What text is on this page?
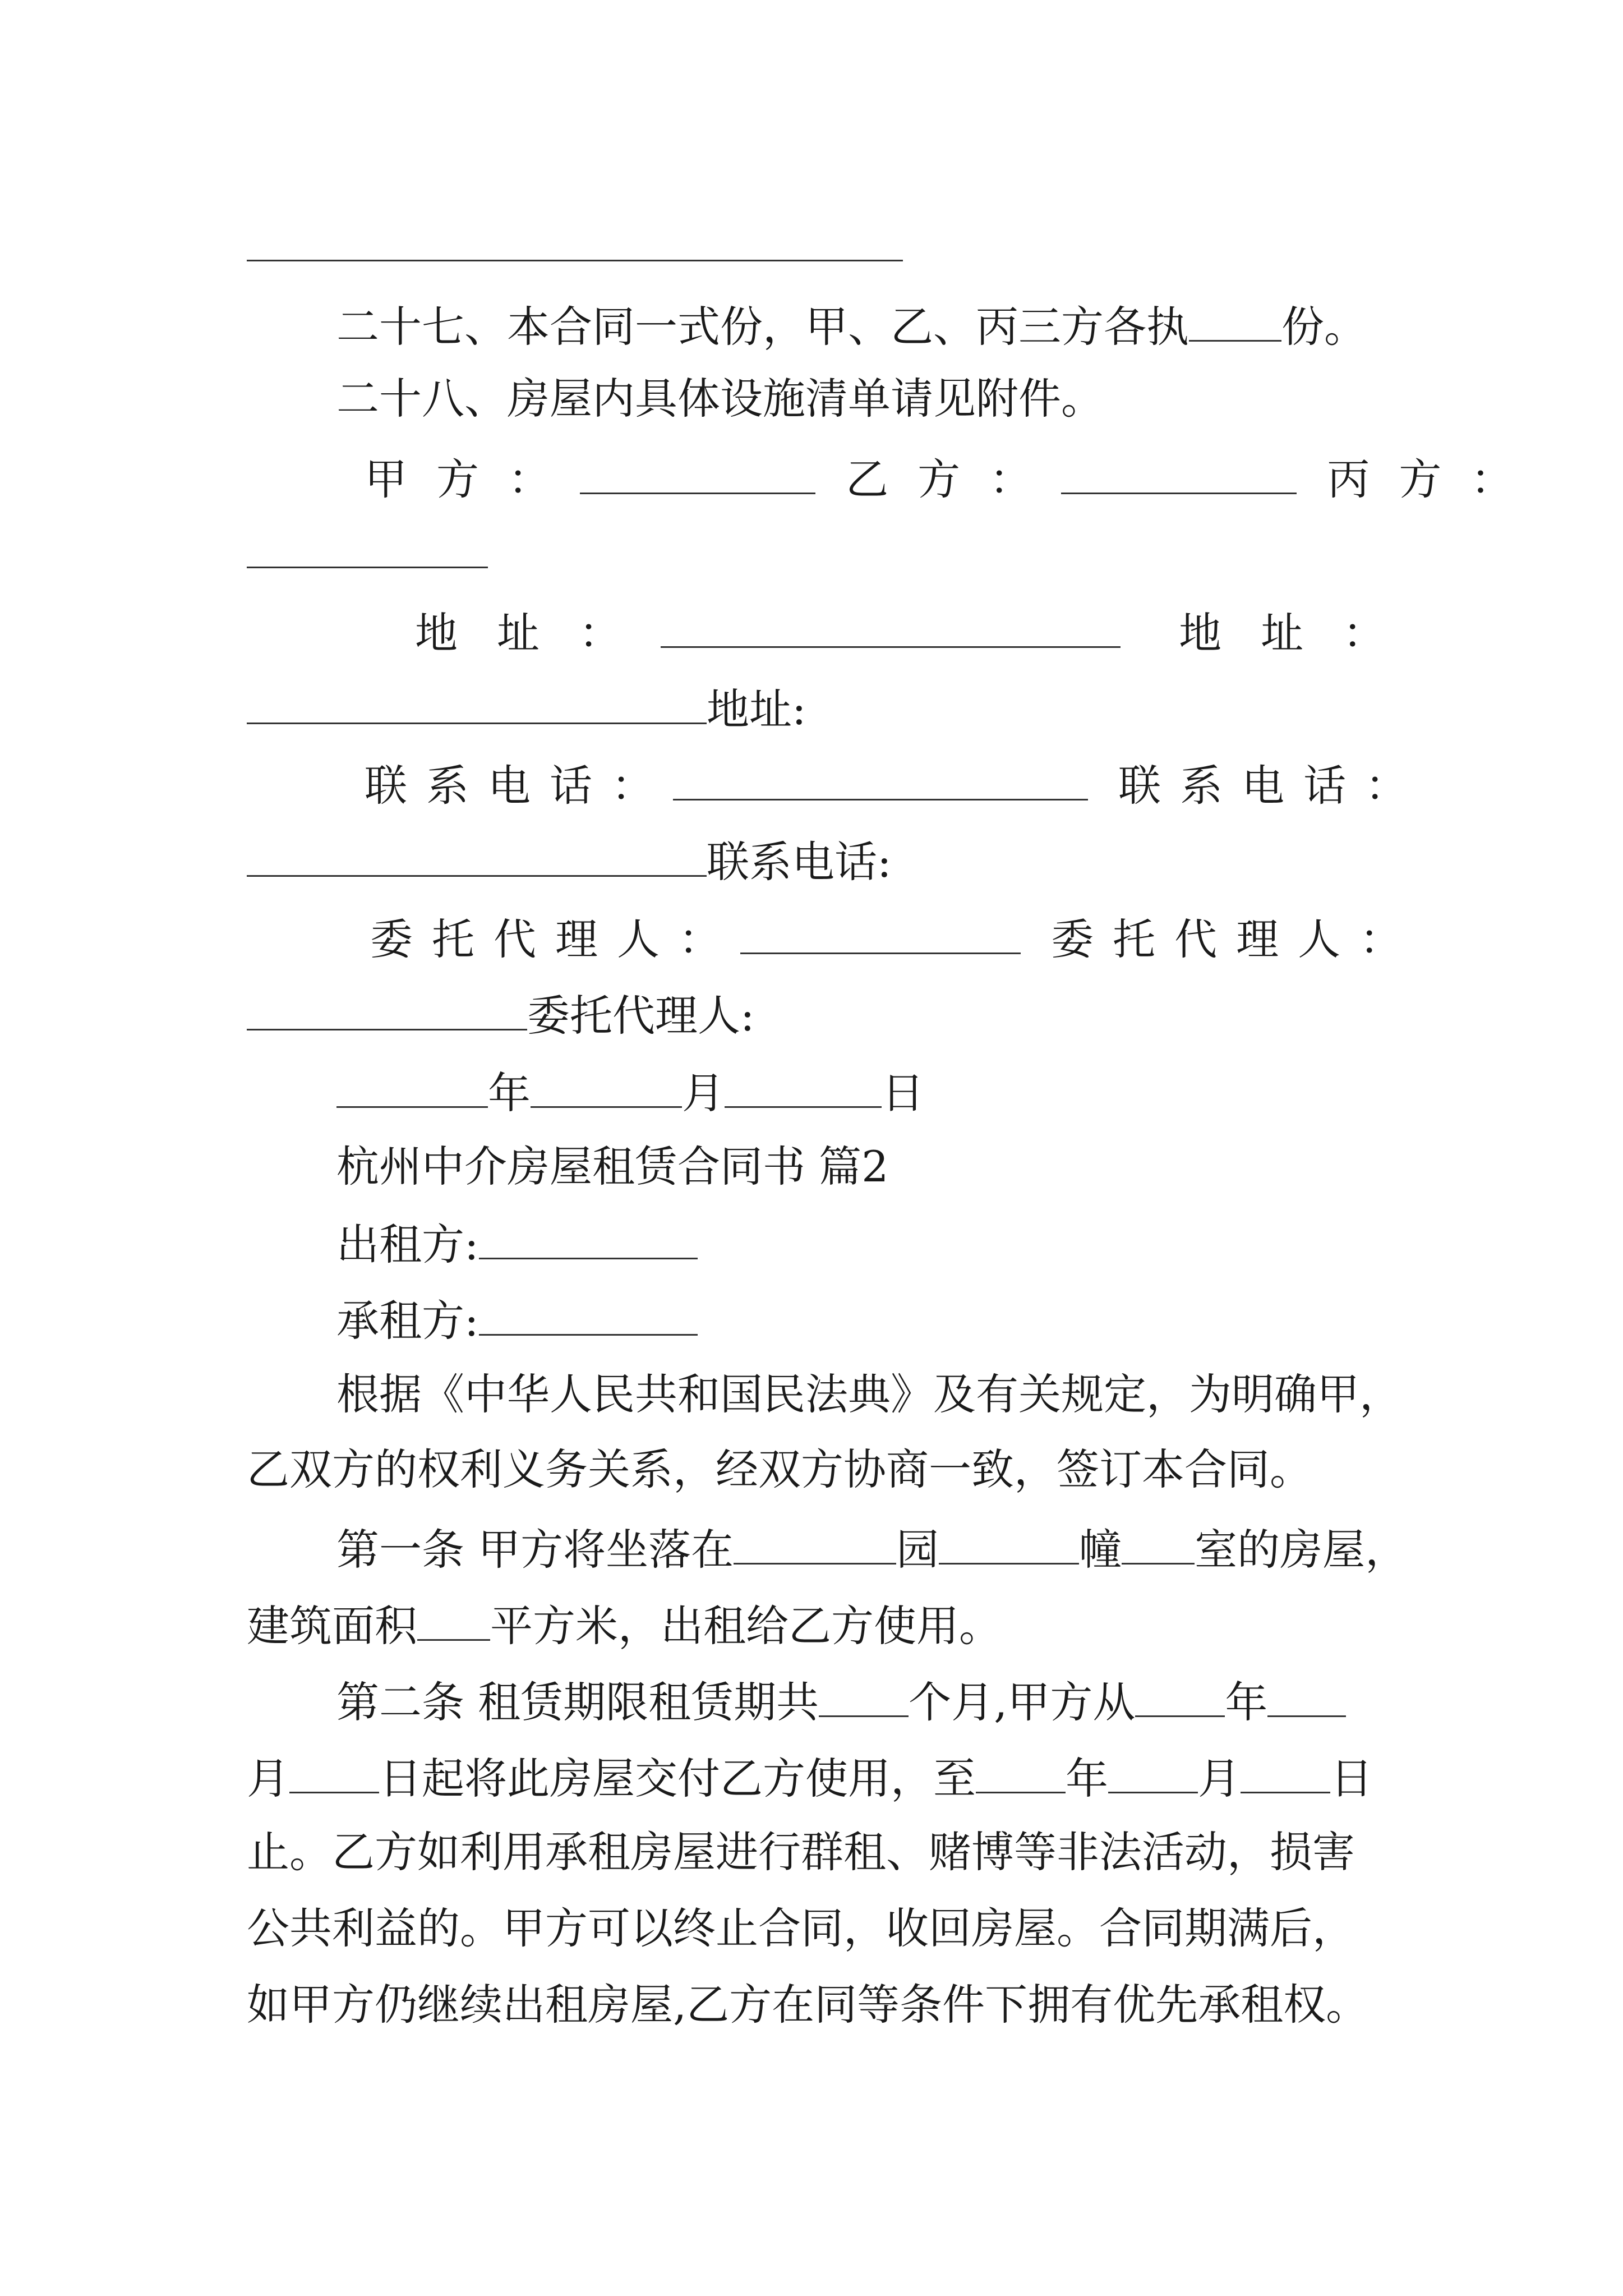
二十七、本合同一式份，甲、乙、丙三方各执 份。
二十八、房屋内具体设施清单请见附件。
甲方：	乙方：	丙方：
地址：	地址：
地址:
联系电话：	联系电话：
联系电话:
委托代理人：	委托代理人：
委托代理人:
年	月	日
杭州中介房屋租赁合同书 篇2
出租方:
承租方:
根据《中华人民共和国民法典》及有关规定，为明确甲，
乙双方的权利义务关系，经双方协商一致，签订本合同。
第一条 甲方将坐落在	园	幢 室的房屋，
建筑面积 平方米，出租给乙方使用。
第二条 租赁期限租赁期共 个月,甲方从 年
月 日起将此房屋交付乙方使用，至 年 月 日
止。乙方如利用承租房屋进行群租、赌博等非法活动，损害
公共利益的。甲方可以终止合同，收回房屋。合同期满后，
如甲方仍继续出租房屋,乙方在同等条件下拥有优先承租权。
